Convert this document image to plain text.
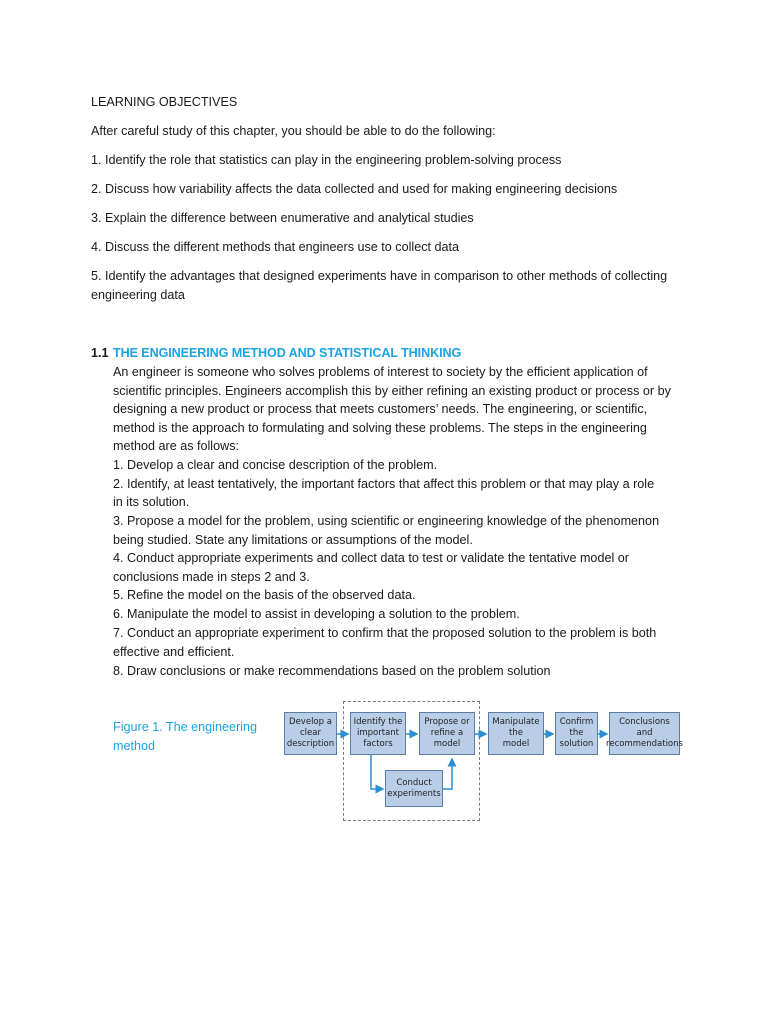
LEARNING OBJECTIVES
After careful study of this chapter, you should be able to do the following:
1. Identify the role that statistics can play in the engineering problem-solving process
2. Discuss how variability affects the data collected and used for making engineering decisions
3. Explain the difference between enumerative and analytical studies
4. Discuss the different methods that engineers use to collect data
5. Identify the advantages that designed experiments have in comparison to other methods of collecting
engineering data
1.1 THE ENGINEERING METHOD AND STATISTICAL THINKING
An engineer is someone who solves problems of interest to society by the efficient application of
scientific principles. Engineers accomplish this by either refining an existing product or process or by
designing a new product or process that meets customers’ needs. The engineering, or scientific,
method is the approach to formulating and solving these problems. The steps in the engineering
method are as follows:
1. Develop a clear and concise description of the problem.
2. Identify, at least tentatively, the important factors that affect this problem or that may play a role
in its solution.
3. Propose a model for the problem, using scientific or engineering knowledge of the phenomenon
being studied. State any limitations or assumptions of the model.
4. Conduct appropriate experiments and collect data to test or validate the tentative model or
conclusions made in steps 2 and 3.
5. Refine the model on the basis of the observed data.
6. Manipulate the model to assist in developing a solution to the problem.
7. Conduct an appropriate experiment to confirm that the proposed solution to the problem is both
effective and efficient.
8. Draw conclusions or make recommendations based on the problem solution
Figure 1. The engineering method
Develop a
clear
description
Identify the
important
factors
Propose or
refine a
model
Manipulate
the
model
Confirm
the
solution
Conclusions
and
recommendations
Conduct
experiments
